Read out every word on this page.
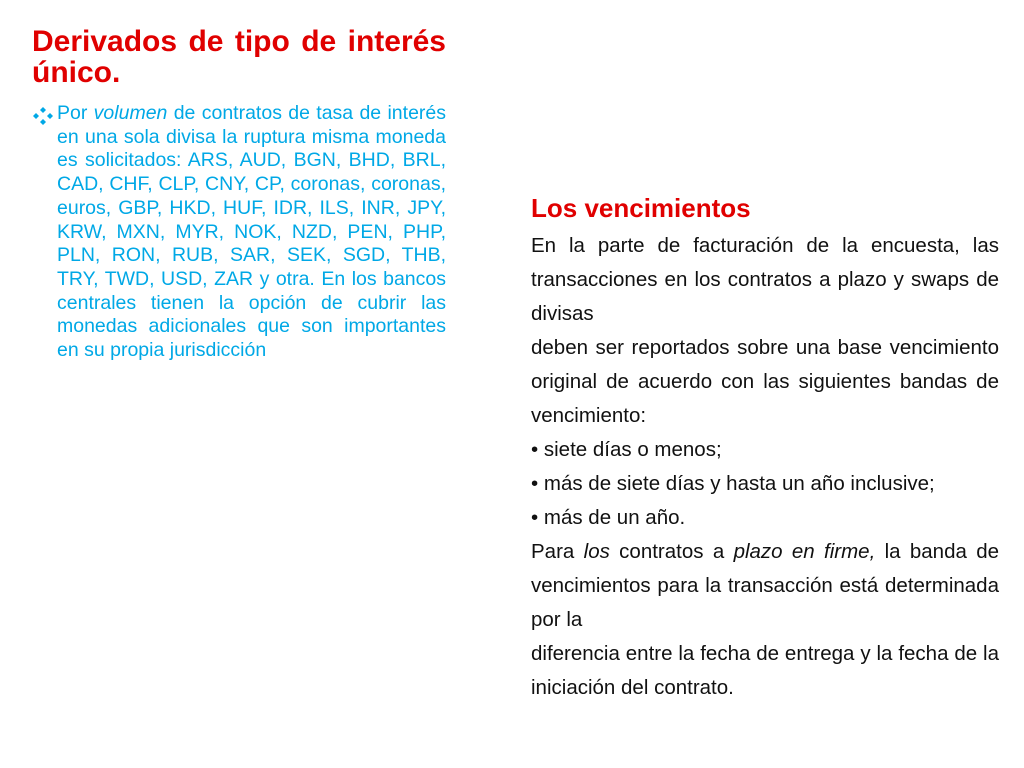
Derivados de tipo de interés único.

Por volumen de contratos de tasa de interés en una sola divisa la ruptura misma moneda es solicitados: ARS, AUD, BGN, BHD, BRL, CAD, CHF, CLP, CNY, CP, coronas, coronas, euros, GBP, HKD, HUF, IDR, ILS, INR, JPY, KRW, MXN, MYR, NOK, NZD, PEN, PHP, PLN, RON, RUB, SAR, SEK, SGD, THB, TRY, TWD, USD, ZAR y otra. En los bancos centrales tienen la opción de cubrir las monedas adicionales que son importantes en su propia jurisdicción

Los vencimientos

En la parte de facturación de la encuesta, las transacciones en los contratos a plazo y swaps de divisas

deben ser reportados sobre una base vencimiento original de acuerdo con las siguientes bandas de vencimiento:

• siete días o menos;

• más de siete días y hasta un año inclusive;

• más de un año.

Para los contratos a plazo en firme, la banda de vencimientos para la transacción está determinada por la

diferencia entre la fecha de entrega y la fecha de la iniciación del contrato.
